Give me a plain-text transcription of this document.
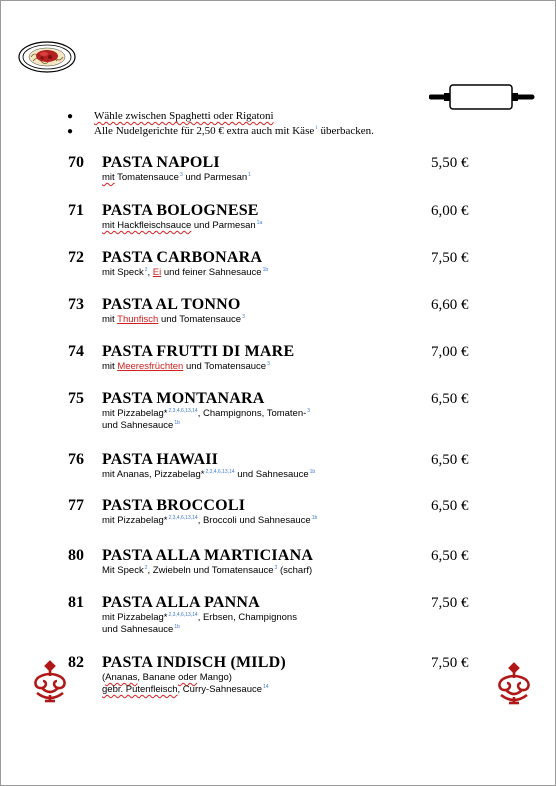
●	Wähle zwischen Spaghetti oder Rigatoni
●	Alle Nudelgerichte für 2,50 € extra auch mit Käse$^1$ überbacken.
70 PASTA NAPOLI	5,50 €
mit Tomatensauce$^3$ und Parmesan$^1$
71 PASTA BOLOGNESE	6,00 €
mit Hackfleischsauce und Parmesan$^{1a}$
72 PASTA CARBONARA	7,50 €
mit Speck$^2$, Ei und feiner Sahnesauce$^{1b}$
73 PASTA AL TONNO	6,60 €
mit Thunfisch und Tomatensauce$^3$
74 PASTA FRUTTI DI MARE	7,00 €
mit Meeresfrüchten und Tomatensauce$^3$
75 PASTA MONTANARA	6,50 €
mit Pizzabelag*$^{2,3,4,6,13,14}$, Champignons, Tomaten-$^3$
und Sahnesauce$^{1b}$
76 PASTA HAWAII	6,50 €
mit Ananas, Pizzabelag*$^{2,3,4,6,13,14}$ und Sahnesauce$^{1b}$
77 PASTA BROCCOLI	6,50 €
mit Pizzabelag*$^{2,3,4,6,13,14}$, Broccoli und Sahnesauce$^{1b}$
80 PASTA ALLA MARTICIANA	6,50 €
Mit Speck$^2$, Zwiebeln und Tomatensauce$^3$ (scharf)
81 PASTA ALLA PANNA	7,50 €
mit Pizzabelag*$^{2,3,4,6,13,14}$, Erbsen, Champignons
und Sahnesauce$^{1b}$
82 PASTA INDISCH (MILD)	7,50 €
(Ananas, Banane oder Mango)
gebr. Putenfleisch, Curry-Sahnesauce$^{14}$
